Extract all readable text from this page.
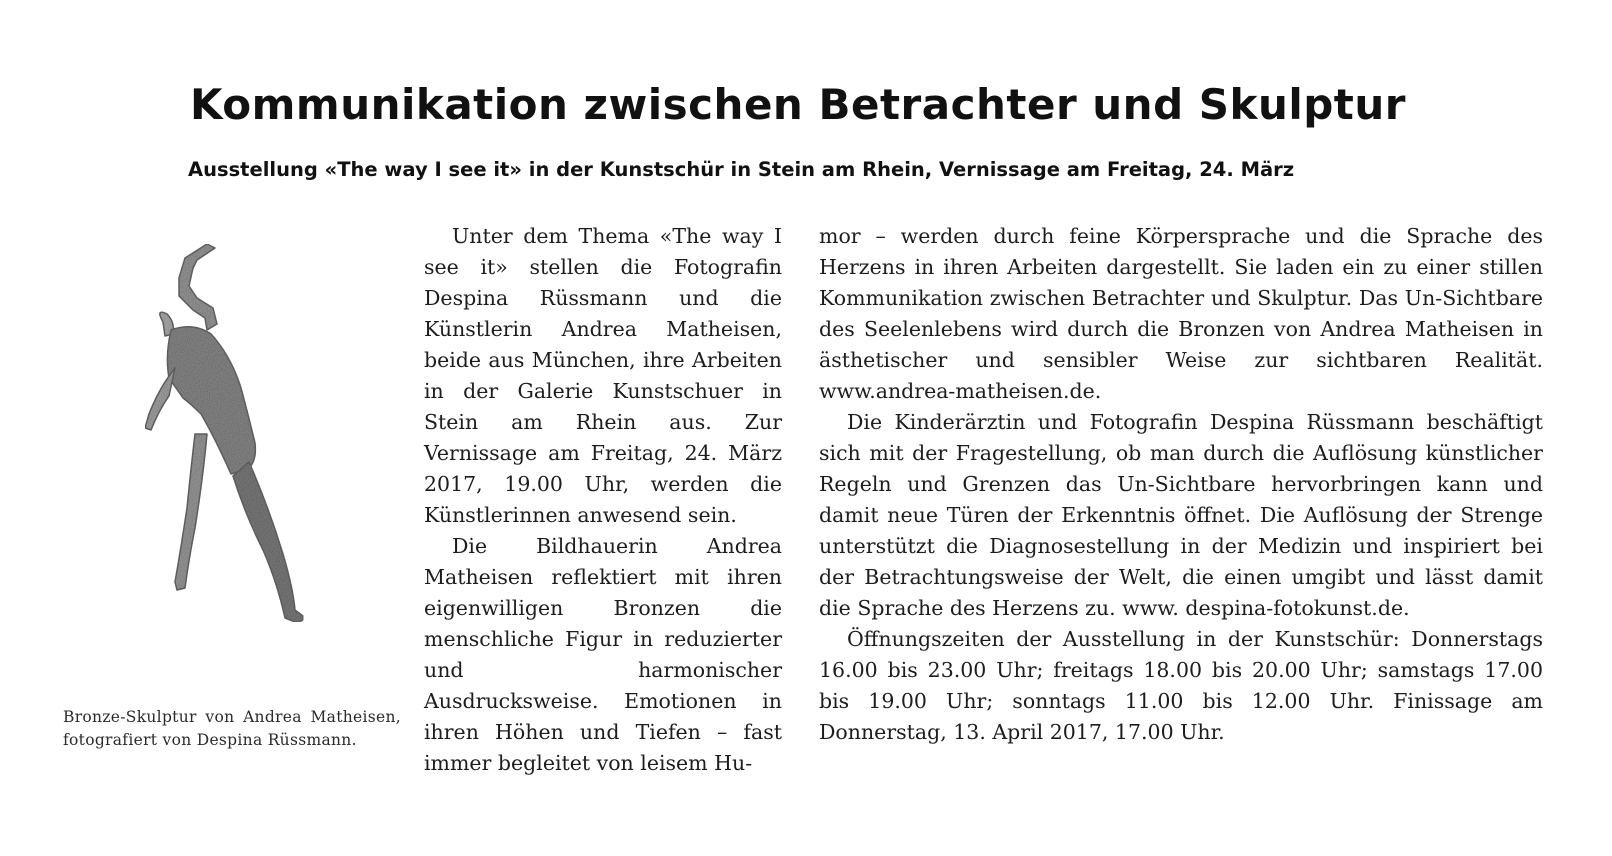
Kommunikation zwischen Betrachter und Skulptur
Ausstellung «The way I see it» in der Kunstschür in Stein am Rhein, Vernissage am Freitag, 24. März
Bronze-Skulptur von Andrea Matheisen, fotografiert von Despina Rüssmann.

Unter dem Thema «The way I see it» stellen die Fotografin Despina Rüssmann und die Künstlerin Andrea Matheisen, beide aus München, ihre Arbeiten in der Galerie Kunstschuer in Stein am Rhein aus. Zur Vernissage am Freitag, 24. März 2017, 19.00 Uhr, werden die Künstlerinnen anwesend sein.

Die Bildhauerin Andrea Matheisen reflektiert mit ihren eigenwilligen Bronzen die menschliche Figur in reduzierter und harmonischer Ausdrucksweise. Emotionen in ihren Höhen und Tiefen – fast immer begleitet von leisem Hu-

mor – werden durch feine Körpersprache und die Sprache des Herzens in ihren Arbeiten dargestellt. Sie laden ein zu einer stillen Kommunikation zwischen Betrachter und Skulptur. Das Un-Sichtbare des Seelenlebens wird durch die Bronzen von Andrea Matheisen in ästhetischer und sensibler Weise zur sichtbaren Realität. www.andrea-matheisen.de.

Die Kinderärztin und Fotografin Despina Rüssmann beschäftigt sich mit der Fragestellung, ob man durch die Auflösung künstlicher Regeln und Grenzen das Un-Sichtbare hervorbringen kann und damit neue Türen der Erkenntnis öffnet. Die Auflösung der Strenge unterstützt die Diagnosestellung in der Medizin und inspiriert bei der Betrachtungsweise der Welt, die einen umgibt und lässt damit die Sprache des Herzens zu. www. despina-fotokunst.de.

Öffnungszeiten der Ausstellung in der Kunstschür: Donnerstags 16.00 bis 23.00 Uhr; freitags 18.00 bis 20.00 Uhr; samstags 17.00 bis 19.00 Uhr; sonntags 11.00 bis 12.00 Uhr. Finissage am Donnerstag, 13. April 2017, 17.00 Uhr.
